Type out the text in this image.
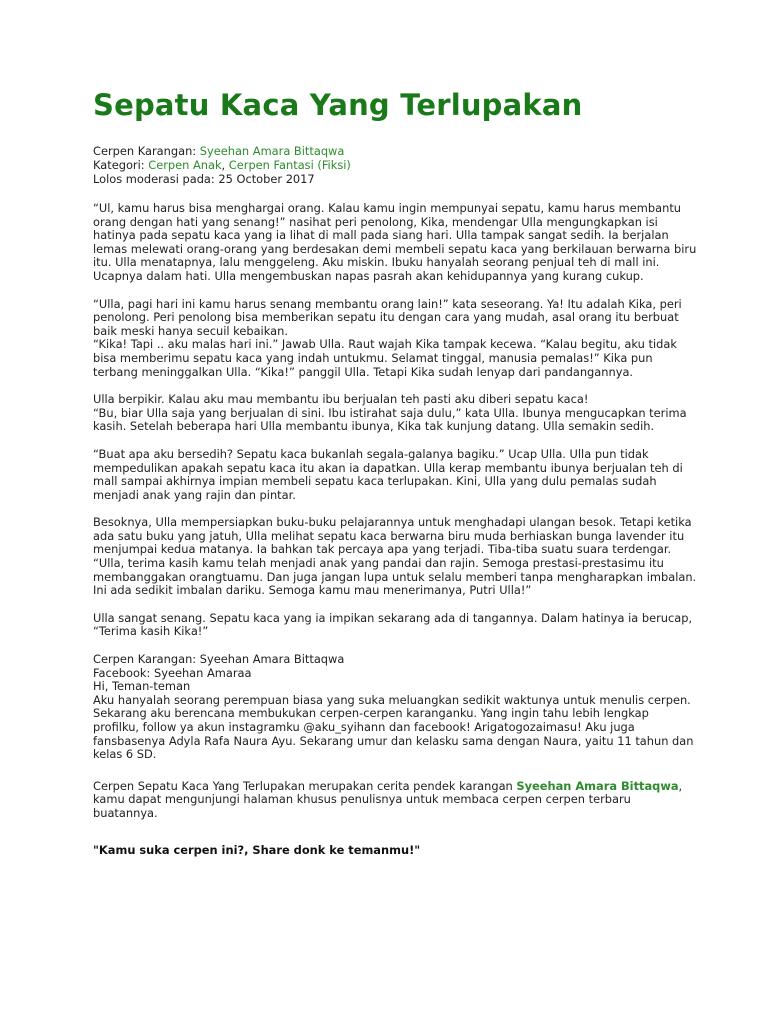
Sepatu Kaca Yang Terlupakan
Cerpen Karangan: Syeehan Amara Bittaqwa
Kategori: Cerpen Anak, Cerpen Fantasi (Fiksi)
Lolos moderasi pada: 25 October 2017

“Ul, kamu harus bisa menghargai orang. Kalau kamu ingin mempunyai sepatu, kamu harus membantu orang dengan hati yang senang!” nasihat peri penolong, Kika, mendengar Ulla mengungkapkan isi hatinya pada sepatu kaca yang ia lihat di mall pada siang hari. Ulla tampak sangat sedih. Ia berjalan lemas melewati orang-orang yang berdesakan demi membeli sepatu kaca yang berkilauan berwarna biru itu. Ulla menatapnya, lalu menggeleng. Aku miskin. Ibuku hanyalah seorang penjual teh di mall ini. Ucapnya dalam hati. Ulla mengembuskan napas pasrah akan kehidupannya yang kurang cukup.

“Ulla, pagi hari ini kamu harus senang membantu orang lain!” kata seseorang. Ya! Itu adalah Kika, peri penolong. Peri penolong bisa memberikan sepatu itu dengan cara yang mudah, asal orang itu berbuat baik meski hanya secuil kebaikan.

“Kika! Tapi .. aku malas hari ini.” Jawab Ulla. Raut wajah Kika tampak kecewa. “Kalau begitu, aku tidak bisa memberimu sepatu kaca yang indah untukmu. Selamat tinggal, manusia pemalas!” Kika pun terbang meninggalkan Ulla. “Kika!” panggil Ulla. Tetapi Kika sudah lenyap dari pandangannya.

Ulla berpikir. Kalau aku mau membantu ibu berjualan teh pasti aku diberi sepatu kaca!

“Bu, biar Ulla saja yang berjualan di sini. Ibu istirahat saja dulu,” kata Ulla. Ibunya mengucapkan terima kasih. Setelah beberapa hari Ulla membantu ibunya, Kika tak kunjung datang. Ulla semakin sedih.

“Buat apa aku bersedih? Sepatu kaca bukanlah segala-galanya bagiku.” Ucap Ulla. Ulla pun tidak mempedulikan apakah sepatu kaca itu akan ia dapatkan. Ulla kerap membantu ibunya berjualan teh di mall sampai akhirnya impian membeli sepatu kaca terlupakan. Kini, Ulla yang dulu pemalas sudah menjadi anak yang rajin dan pintar.

Besoknya, Ulla mempersiapkan buku-buku pelajarannya untuk menghadapi ulangan besok. Tetapi ketika ada satu buku yang jatuh, Ulla melihat sepatu kaca berwarna biru muda berhiaskan bunga lavender itu menjumpai kedua matanya. Ia bahkan tak percaya apa yang terjadi. Tiba-tiba suatu suara terdengar.

“Ulla, terima kasih kamu telah menjadi anak yang pandai dan rajin. Semoga prestasi-prestasimu itu membanggakan orangtuamu. Dan juga jangan lupa untuk selalu memberi tanpa mengharapkan imbalan. Ini ada sedikit imbalan dariku. Semoga kamu mau menerimanya, Putri Ulla!”

Ulla sangat senang. Sepatu kaca yang ia impikan sekarang ada di tangannya. Dalam hatinya ia berucap, “Terima kasih Kika!”

Cerpen Karangan: Syeehan Amara Bittaqwa

Facebook: Syeehan Amaraa

Hi, Teman-teman

Aku hanyalah seorang perempuan biasa yang suka meluangkan sedikit waktunya untuk menulis cerpen. Sekarang aku berencana membukukan cerpen-cerpen karanganku. Yang ingin tahu lebih lengkap profilku, follow ya akun instagramku @aku_syihann dan facebook! Arigatogozaimasu! Aku juga fansbasenya Adyla Rafa Naura Ayu. Sekarang umur dan kelasku sama dengan Naura, yaitu 11 tahun dan kelas 6 SD.

Cerpen Sepatu Kaca Yang Terlupakan merupakan cerita pendek karangan Syeehan Amara Bittaqwa, kamu dapat mengunjungi halaman khusus penulisnya untuk membaca cerpen cerpen terbaru buatannya.
"Kamu suka cerpen ini?, Share donk ke temanmu!"
